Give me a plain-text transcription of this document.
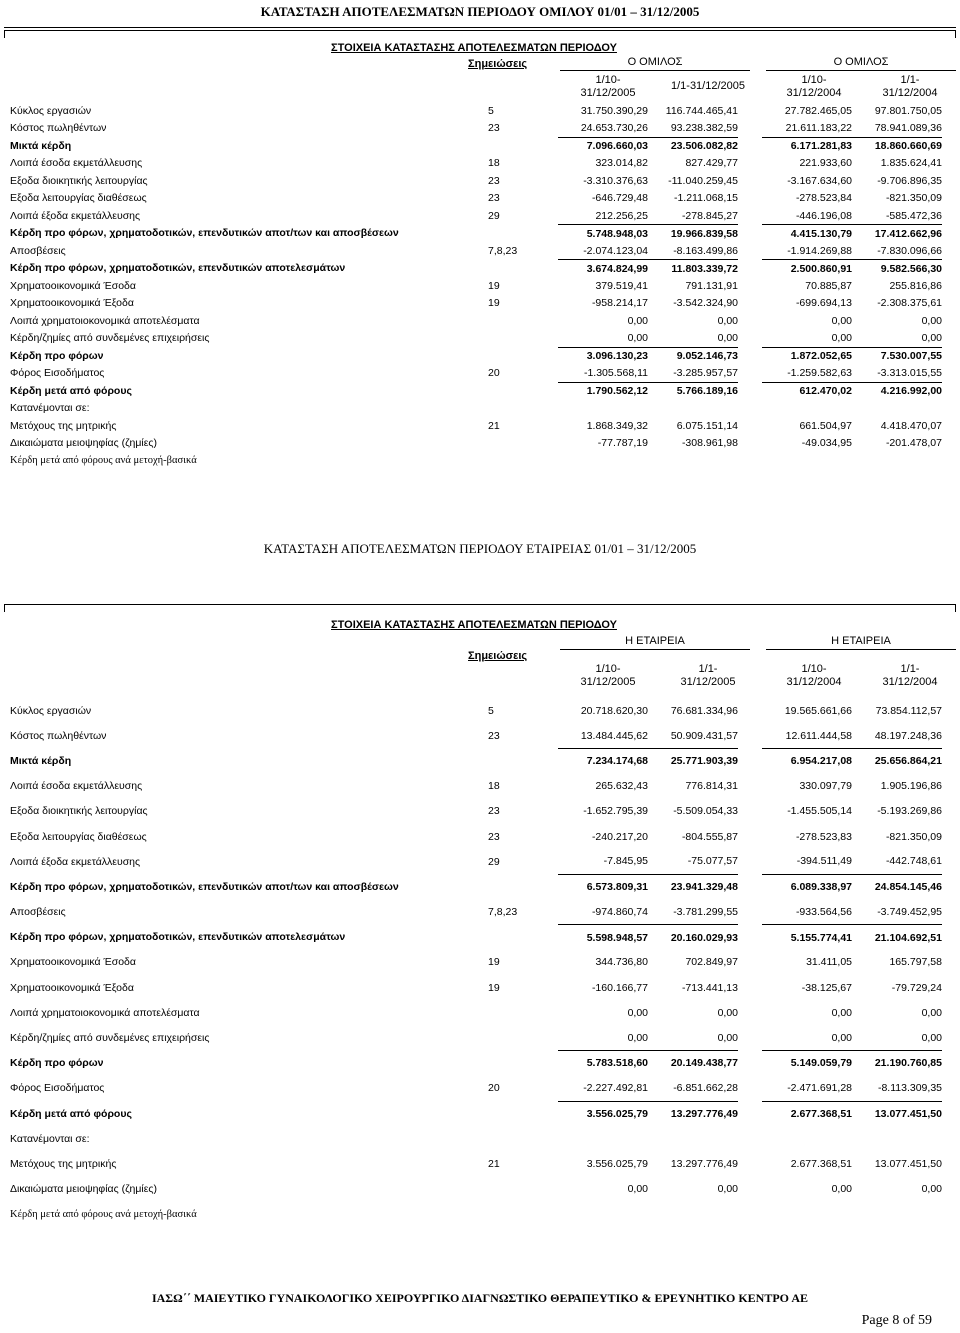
ΚΑΤΑΣΤΑΣΗ ΑΠΟΤΕΛΕΣΜΑΤΩΝ ΠΕΡΙΟΔΟΥ ΟΜΙΛΟΥ 01/01 – 31/12/2005
ΣΤΟΙΧΕΙΑ ΚΑΤΑΣΤΑΣΗΣ ΑΠΟΤΕΛΕΣΜΑΤΩΝ ΠΕΡΙΟΔΟΥ
Σημειώσεις	Ο ΟΜΙΛΟΣ	Ο ΟΜΙΛΟΣ
1/10-
31/12/2005
1/1-31/12/2005	1/10-
31/12/2004
1/1-
31/12/2004
Κύκλος εργασιών	5	31.750.390,29	116.744.465,41		27.782.465,05	97.801.750,05
Κόστος πωληθέντων	23	24.653.730,26	93.238.382,59		21.611.183,22	78.941.089,36
Μικτά κέρδη		7.096.660,03	23.506.082,82		6.171.281,83	18.860.660,69
Λοιπά έσοδα εκμετάλλευσης	18	323.014,82	827.429,77		221.933,60	1.835.624,41
Εξοδα διοικητικής λειτουργίας	23	-3.310.376,63	-11.040.259,45		-3.167.634,60	-9.706.896,35
Εξοδα λειτουργίας διαθέσεως	23	-646.729,48	-1.211.068,15		-278.523,84	-821.350,09
Λοιπά έξοδα εκμετάλλευσης	29	212.256,25	-278.845,27		-446.196,08	-585.472,36
Κέρδη προ φόρων, χρηματοδοτικών, επενδυτικών αποτ/των και αποσβέσεων		5.748.948,03	19.966.839,58		4.415.130,79	17.412.662,96
Αποσβέσεις	7,8,23	-2.074.123,04	-8.163.499,86		-1.914.269,88	-7.830.096,66
Κέρδη προ φόρων, χρηματοδοτικών, επενδυτικών αποτελεσμάτων		3.674.824,99	11.803.339,72		2.500.860,91	9.582.566,30
Χρηματοοικονομικά Έσοδα	19	379.519,41	791.131,91		70.885,87	255.816,86
Χρηματοοικονομικά Έξοδα	19	-958.214,17	-3.542.324,90		-699.694,13	-2.308.375,61
Λοιπά χρηματοιοκονομικά αποτελέσματα		0,00	0,00		0,00	0,00
Κέρδη/ζημίες από συνδεμένες επιχειρήσεις		0,00	0,00		0,00	0,00
Κέρδη προ φόρων		3.096.130,23	9.052.146,73		1.872.052,65	7.530.007,55
Φόρος Εισοδήματος	20	-1.305.568,11	-3.285.957,57		-1.259.582,63	-3.313.015,55
Κέρδη μετά από φόρους		1.790.562,12	5.766.189,16		612.470,02	4.216.992,00
Κατανέμονται σε:						
Μετόχους της μητρικής	21	1.868.349,32	6.075.151,14		661.504,97	4.418.470,07
Δικαιώματα μειοψηφίας (ζημίες)		-77.787,19	-308.961,98		-49.034,95	-201.478,07
Κέρδη μετά από φόρους ανά μετοχή-βασικά						
ΚΑΤΑΣΤΑΣΗ ΑΠΟΤΕΛΕΣΜΑΤΩΝ ΠΕΡΙΟΔΟΥ ΕΤΑΙΡΕΙΑΣ 01/01 – 31/12/2005
ΣΤΟΙΧΕΙΑ ΚΑΤΑΣΤΑΣΗΣ ΑΠΟΤΕΛΕΣΜΑΤΩΝ ΠΕΡΙΟΔΟΥ
Σημειώσεις
Η ΕΤΑΙΡΕΙΑ	Η ΕΤΑΙΡΕΙΑ
1/10-
31/12/2005
1/1-
31/12/2005
1/10-
31/12/2004
1/1-
31/12/2004
Κύκλος εργασιών	5	20.718.620,30	76.681.334,96		19.565.661,66	73.854.112,57
Κόστος πωληθέντων	23	13.484.445,62	50.909.431,57		12.611.444,58	48.197.248,36
Μικτά κέρδη		7.234.174,68	25.771.903,39		6.954.217,08	25.656.864,21
Λοιπά έσοδα εκμετάλλευσης	18	265.632,43	776.814,31		330.097,79	1.905.196,86
Εξοδα διοικητικής λειτουργίας	23	-1.652.795,39	-5.509.054,33		-1.455.505,14	-5.193.269,86
Εξοδα λειτουργίας διαθέσεως	23	-240.217,20	-804.555,87		-278.523,83	-821.350,09
Λοιπά έξοδα εκμετάλλευσης	29	-7.845,95	-75.077,57		-394.511,49	-442.748,61
Κέρδη προ φόρων, χρηματοδοτικών, επενδυτικών αποτ/των και αποσβέσεων		6.573.809,31	23.941.329,48		6.089.338,97	24.854.145,46
Αποσβέσεις	7,8,23	-974.860,74	-3.781.299,55		-933.564,56	-3.749.452,95
Κέρδη προ φόρων, χρηματοδοτικών, επενδυτικών αποτελεσμάτων		5.598.948,57	20.160.029,93		5.155.774,41	21.104.692,51
Χρηματοοικονομικά Έσοδα	19	344.736,80	702.849,97		31.411,05	165.797,58
Χρηματοοικονομικά Έξοδα	19	-160.166,77	-713.441,13		-38.125,67	-79.729,24
Λοιπά χρηματοιοκονομικά αποτελέσματα		0,00	0,00		0,00	0,00
Κέρδη/ζημίες από συνδεμένες επιχειρήσεις		0,00	0,00		0,00	0,00
Κέρδη προ φόρων		5.783.518,60	20.149.438,77		5.149.059,79	21.190.760,85
Φόρος Εισοδήματος	20	-2.227.492,81	-6.851.662,28		-2.471.691,28	-8.113.309,35
Κέρδη μετά από φόρους		3.556.025,79	13.297.776,49		2.677.368,51	13.077.451,50
Κατανέμονται σε:						
Μετόχους της μητρικής	21	3.556.025,79	13.297.776,49		2.677.368,51	13.077.451,50
Δικαιώματα μειοψηφίας (ζημίες)		0,00	0,00		0,00	0,00
Κέρδη μετά από φόρους ανά μετοχή-βασικά						
ΙΑΣΩ΄΄ ΜΑΙΕΥΤΙΚΟ ΓΥΝΑΙΚΟΛΟΓΙΚΟ ΧΕΙΡΟΥΡΓΙΚΟ ΔΙΑΓΝΩΣΤΙΚΟ ΘΕΡΑΠΕΥΤΙΚΟ & ΕΡΕΥΝΗΤΙΚΟ ΚΕΝΤΡΟ ΑΕ
Page 8 of 59
